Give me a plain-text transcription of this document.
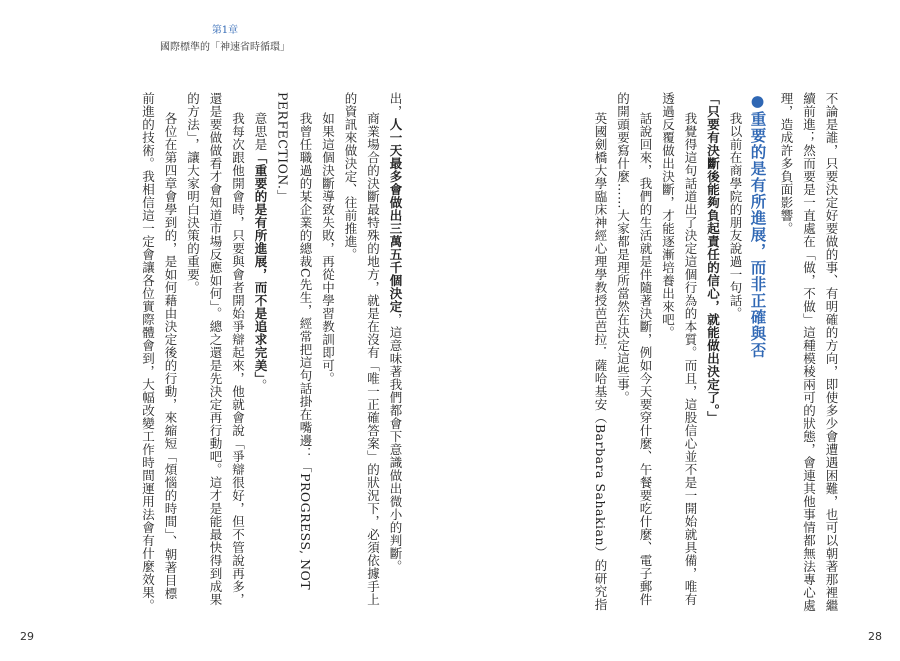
第1章
國際標準的「神速省時循環」

出，人一天最多會做出三萬五千個決定，這意味著我們都會下意識做出微小的判斷。

商業場合的決斷最特殊的地方，就是在沒有「唯一正確答案」的狀況下，必須依據手上的資訊來做決定、往前推進。

如果這個決斷導致失敗，再從中學習教訓即可。

我曾任職過的某企業的總裁C先生，經常把這句話掛在嘴邊：「PROGRESS, NOT PERFECTION.」

意思是「重要的是有所進展，而不是追求完美」。

我每次跟他開會時，只要與會者開始爭辯起來，他就會說「爭辯很好，但不管說再多，還是要做做看才會知道市場反應如何」。總之還是先決定再行動吧。這才是能最快得到成果的方法」，讓大家明白決策的重要。

各位在第四章會學到的，是如何藉由決定後的行動，來縮短「煩惱的時間」、朝著目標前進的技術。我相信這一定會讓各位實際體會到，大幅改變工作時間運用法會有什麼效果。	不論是誰，只要決定好要做的事、有明確的方向，即使多少會遭遇困難，也可以朝著那裡繼續前進；然而要是一直處在「做，不做」這種模稜兩可的狀態，會連其他事情都無法專心處理，造成許多負面影響。

●重要的是有所進展，而非正確與否

我以前在商學院的朋友說過一句話。

「只要有決斷後能夠負起責任的信心，就能做出決定了。」

我覺得這句話道出了決定這個行為的本質。而且，這股信心並不是一開始就具備，唯有透過反覆做出決斷，才能逐漸培養出來吧。

話說回來，我們的生活就是伴隨著決斷，例如今天要穿什麼、午餐要吃什麼、電子郵件的開頭要寫什麼……大家都是理所當然在決定這些事。

英國劍橋大學臨床神經心理學教授芭芭拉．薩哈基安（Barbara Sahakian）的研究指

29	28
